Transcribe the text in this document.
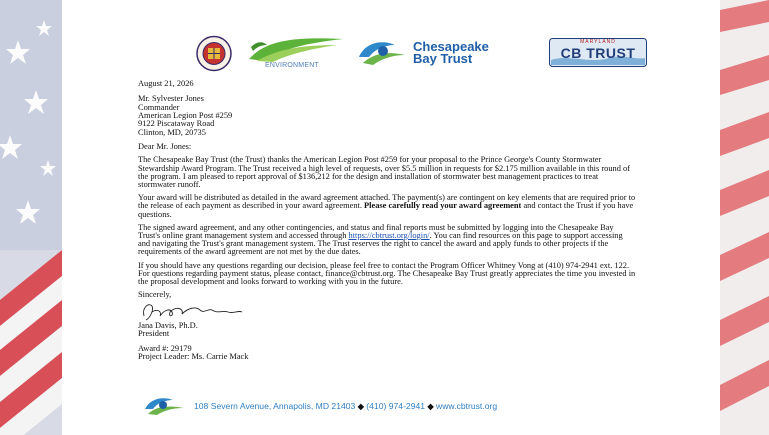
ENVIRONMENT
Chesapeake
Bay Trust
MARYLAND
CB TRUST

August 21, 2026

Mr. Sylvester Jones
Commander
American Legion Post #259
9122 Piscataway Road
Clinton, MD, 20735

Dear Mr. Jones:

The Chesapeake Bay Trust (the Trust) thanks the American Legion Post #259 for your proposal to the Prince George's County Stormwater Stewardship Award Program. The Trust received a high level of requests, over $5.5 million in requests for $2.175 million available in this round of the program. I am pleased to report approval of $136,212 for the design and installation of stormwater best management practices to treat stormwater runoff.

Your award will be distributed as detailed in the award agreement attached. The payment(s) are contingent on key elements that are required prior to the release of each payment as described in your award agreement. Please carefully read your award agreement and contact the Trust if you have questions.

The signed award agreement, and any other contingencies, and status and final reports must be submitted by logging into the Chesapeake Bay Trust's online grant management system and accessed through https://cbtrust.org/login/. You can find resources on this page to support accessing and navigating the Trust's grant management system. The Trust reserves the right to cancel the award and apply funds to other projects if the requirements of the award agreement are not met by the due dates.

If you should have any questions regarding our decision, please feel free to contact the Program Officer Whitney Vong at (410) 974-2941 ext. 122. For questions regarding payment status, please contact, finance@cbtrust.org. The Chesapeake Bay Trust greatly appreciates the time you invested in the proposal development and looks forward to working with you in the future.

Sincerely,
Jana Davis, Ph.D.
President
Award #: 29179
Project Leader: Ms. Carrie Mack
108 Severn Avenue, Annapolis, MD 21403 ◆ (410) 974-2941 ◆ www.cbtrust.org
